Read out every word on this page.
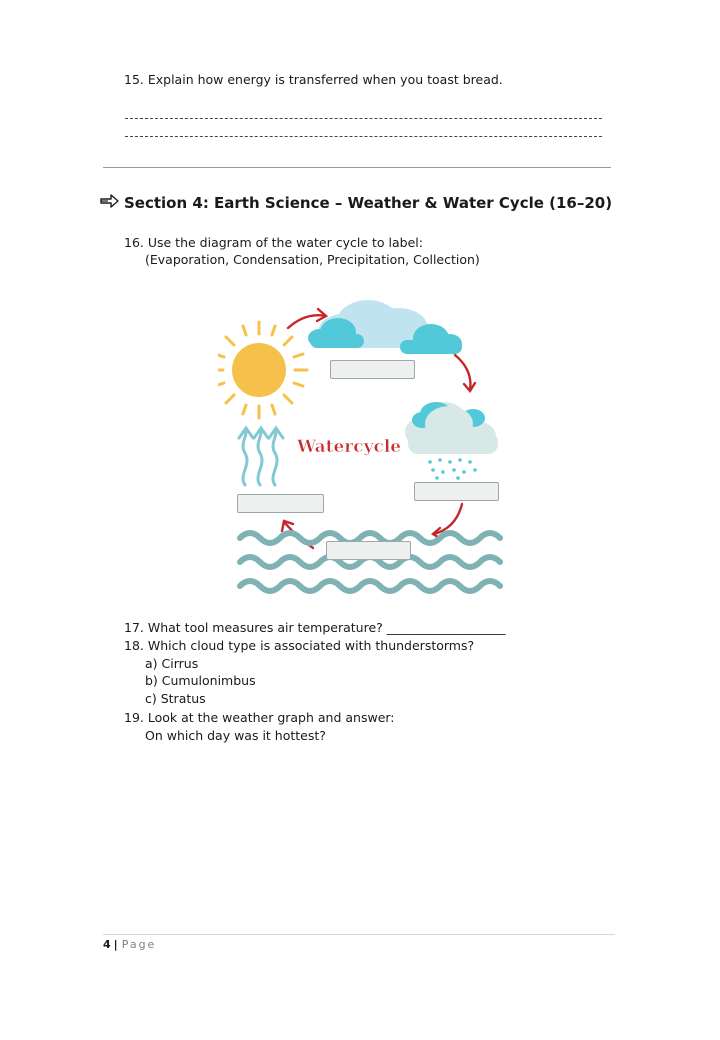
15. Explain how energy is transferred when you toast bread.
Section 4: Earth Science – Weather & Water Cycle (16–20)
16. Use the diagram of the water cycle to label:
(Evaporation, Condensation, Precipitation, Collection)
Watercycle
17. What tool measures air temperature? ___________________
18. Which cloud type is associated with thunderstorms?
a) Cirrus
b) Cumulonimbus
c) Stratus
19. Look at the weather graph and answer:
On which day was it hottest?
4 | Page
